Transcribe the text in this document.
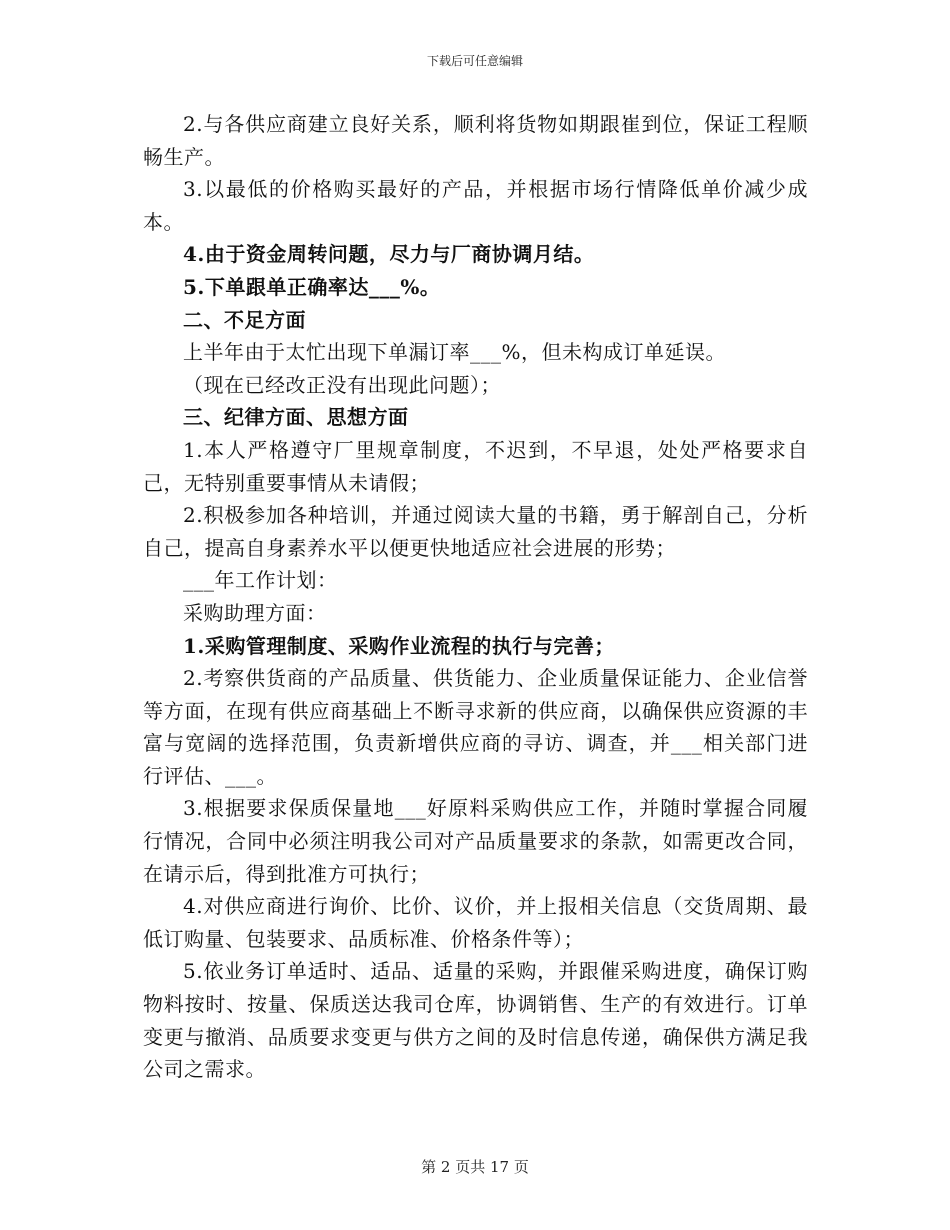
下载后可任意编辑

2.与各供应商建立良好关系，顺利将货物如期跟崔到位，保证工程顺畅生产。

3.以最低的价格购买最好的产品，并根据市场行情降低单价减少成本。

4.由于资金周转问题，尽力与厂商协调月结。

5.下单跟单正确率达___%。

二、不足方面

上半年由于太忙出现下单漏订率___%，但未构成订单延误。

（现在已经改正没有出现此问题）；

三、纪律方面、思想方面

1.本人严格遵守厂里规章制度，不迟到，不早退，处处严格要求自己，无特别重要事情从未请假；

2.积极参加各种培训，并通过阅读大量的书籍，勇于解剖自己，分析自己，提高自身素养水平以便更快地适应社会进展的形势；

___年工作计划：

采购助理方面：

1.采购管理制度、采购作业流程的执行与完善；

2.考察供货商的产品质量、供货能力、企业质量保证能力、企业信誉等方面，在现有供应商基础上不断寻求新的供应商，以确保供应资源的丰富与宽阔的选择范围，负责新增供应商的寻访、调查，并___相关部门进行评估、___。

3.根据要求保质保量地___好原料采购供应工作，并随时掌握合同履行情况，合同中必须注明我公司对产品质量要求的条款，如需更改合同，在请示后，得到批准方可执行；

4.对供应商进行询价、比价、议价，并上报相关信息（交货周期、最低订购量、包装要求、品质标准、价格条件等）；

5.依业务订单适时、适品、适量的采购，并跟催采购进度，确保订购物料按时、按量、保质送达我司仓库，协调销售、生产的有效进行。订单变更与撤消、品质要求变更与供方之间的及时信息传递，确保供方满足我公司之需求。

第 2 页共 17 页
